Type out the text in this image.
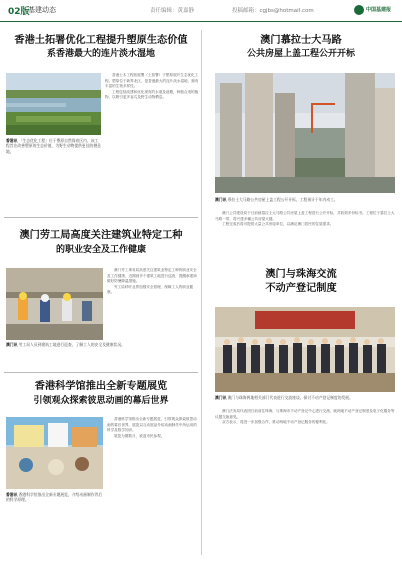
02版
基建动态	责任编辑：黄嘉静	投稿邮箱：cgjbs@hotmail.com	中国基建报
香港土拓署优化工程提升塱原生态价值
系香港最大的连片淡水湿地

香港土木工程拓展署（土拓署）于塱原展开生态优化工程。塱原位于新界北区，是香港最大的连片淡水湿地，拥有丰富的生物多样性。

工程包括改建和优化现有的水道及池塘，种植合适的植物，以吸引更多雀鸟及野生动物栖息。

香港讯 「生态优化工程」位于塱原自然保育区内，该工程旨在改善塱原的生态价值，为野生动物提供更佳的栖息地。
澳门慕拉士大马路
公共房屋上盖工程公开开标
澳门讯 慕拉士大马路公共房屋上盖工程公开开标，工程预计于年内动工。

澳门公共建设局于日前就慕拉士大马路公共房屋上盖工程进行公开开标，共收到多份标书。工程位于慕拉士大马路一带，将兴建多幢公共房屋大楼。

工程完成后将可提供大量公共房屋单位，以满足澳门居民的住屋需求。

澳门劳工局高度关注建筑业特定工种
的职业安全及工作健康

澳门劳工事务局高度关注建筑业特定工种的职业安全及工作健康，近期到多个建筑工地进行巡查，提醒承建商做好防暑降温措施。

劳工局呼吁业界加强安全管理，保障工人的职业健康。

澳门讯 劳工局人员到建筑工地进行巡查，了解工人的安全及健康状况。
澳门与珠海交流
不动产登记制度
澳门讯 澳门与珠海两地相关部门代表进行交流座谈，探讨不动产登记制度的发展。

澳门法务局代表团日前前往珠海，与珠海市不动产登记中心进行交流，就两地不动产登记制度及电子化服务等议题交换意见。

双方表示，将进一步加强合作，推动两地不动产登记服务的便利化。

香港科学馆推出全新专题展览
引领观众探索彼思动画的幕后世界

香港科学馆推出全新专题展览，引领观众探索彼思动画的幕后世界，展览以互动展品介绍动画制作中所运用的科学及数学知识。

展览为期数月，欢迎市民参观。

香港讯 香港科学馆推出全新专题展览，介绍动画制作背后的科学原理。
